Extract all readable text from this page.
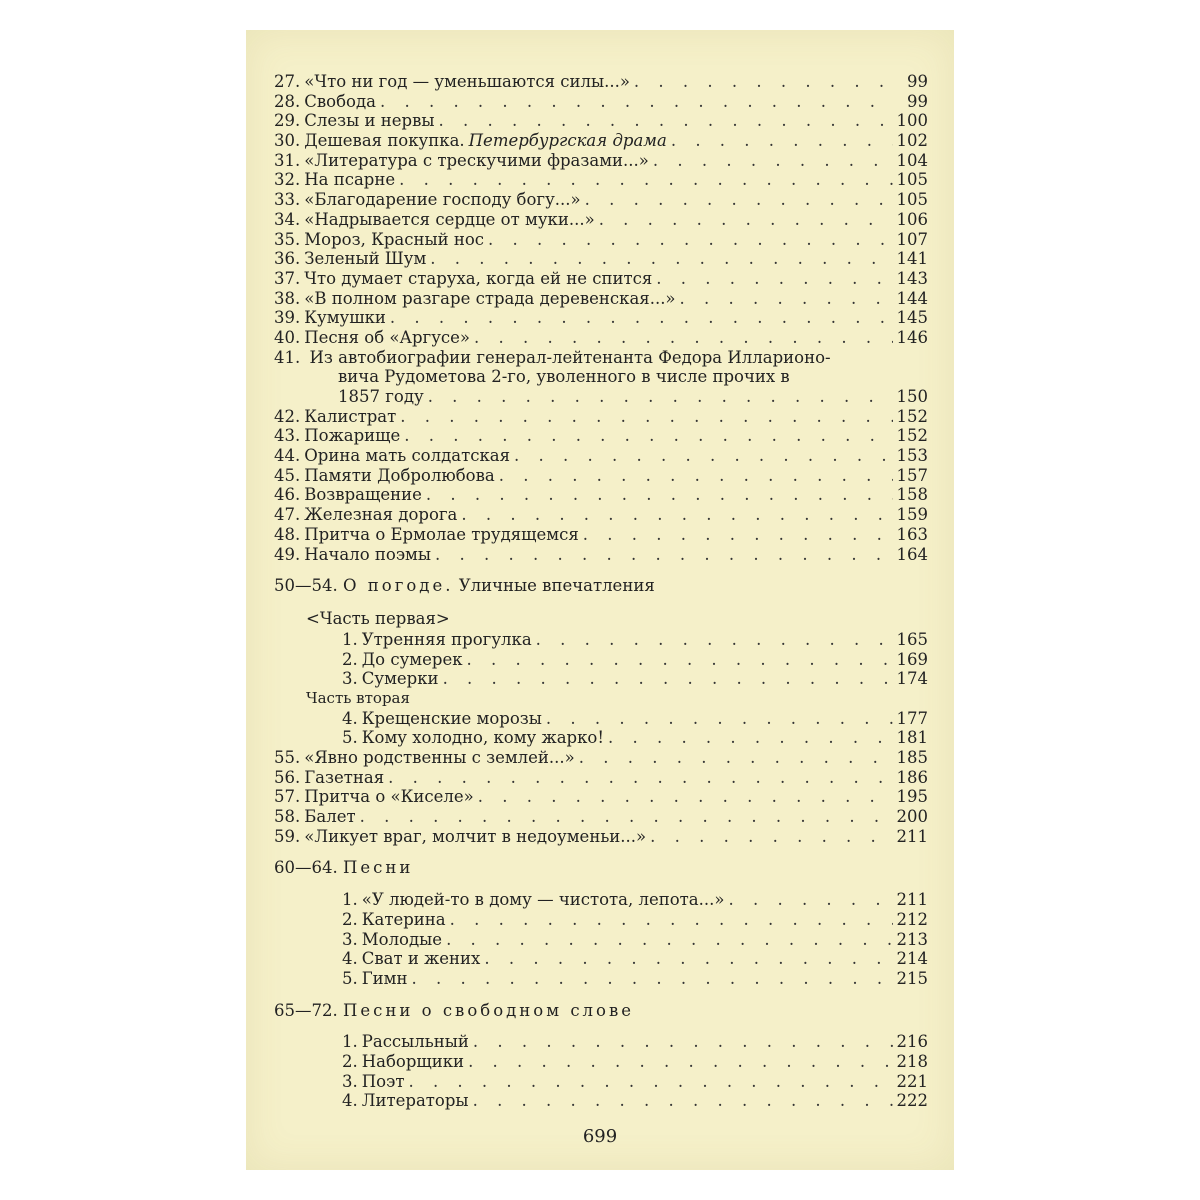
27. «Что ни год — уменьшаются силы...» . . .	99
28. Свобода . . .	99
29. Слезы и нервы . . .	100
30. Дешевая покупка. Петербургская драма . . .	102
31. «Литература с трескучими фразами...» . . .	104
32. На псарне . . .	105
33. «Благодарение господу богу...» . . .	105
34. «Надрывается сердце от муки...» . . .	106
35. Мороз, Красный нос . . .	107
36. Зеленый Шум . . .	141
37. Что думает старуха, когда ей не спится . . .	143
38. «В полном разгаре страда деревенская...» . . .	144
39. Кумушки . . .	145
40. Песня об «Аргусе» . . .	146
41. Из автобиографии генерал-лейтенанта Федора Илларионо-
вича Рудометова 2-го, уволенного в числе прочих в
1857 году . . .	150
42. Калистрат . . .	152
43. Пожарище . . .	152
44. Орина мать солдатская . . .	153
45. Памяти Добролюбова . . .	157
46. Возвращение . . .	158
47. Железная дорога . . .	159
48. Притча о Ермолае трудящемся . . .	163
49. Начало поэмы . . .	164
50—54. О погоде. Уличные впечатления
<Часть первая>
1. Утренняя прогулка . . .	165
2. До сумерек . . .	169
3. Сумерки . . .	174
Часть вторая
4. Крещенские морозы . . .	177
5. Кому холодно, кому жарко! . . .	181
55. «Явно родственны с землей...» . . .	185
56. Газетная . . .	186
57. Притча о «Киселе» . . .	195
58. Балет . . .	200
59. «Ликует враг, молчит в недоуменьи...» . . .	211
60—64. Песни
1. «У людей-то в дому — чистота, лепота...» . . .	211
2. Катерина . . .	212
3. Молодые . . .	213
4. Сват и жених . . .	214
5. Гимн . . .	215
65—72. Песни о свободном слове
1. Рассыльный . . .	216
2. Наборщики . . .	218
3. Поэт . . .	221
4. Литераторы . . .	222
699
